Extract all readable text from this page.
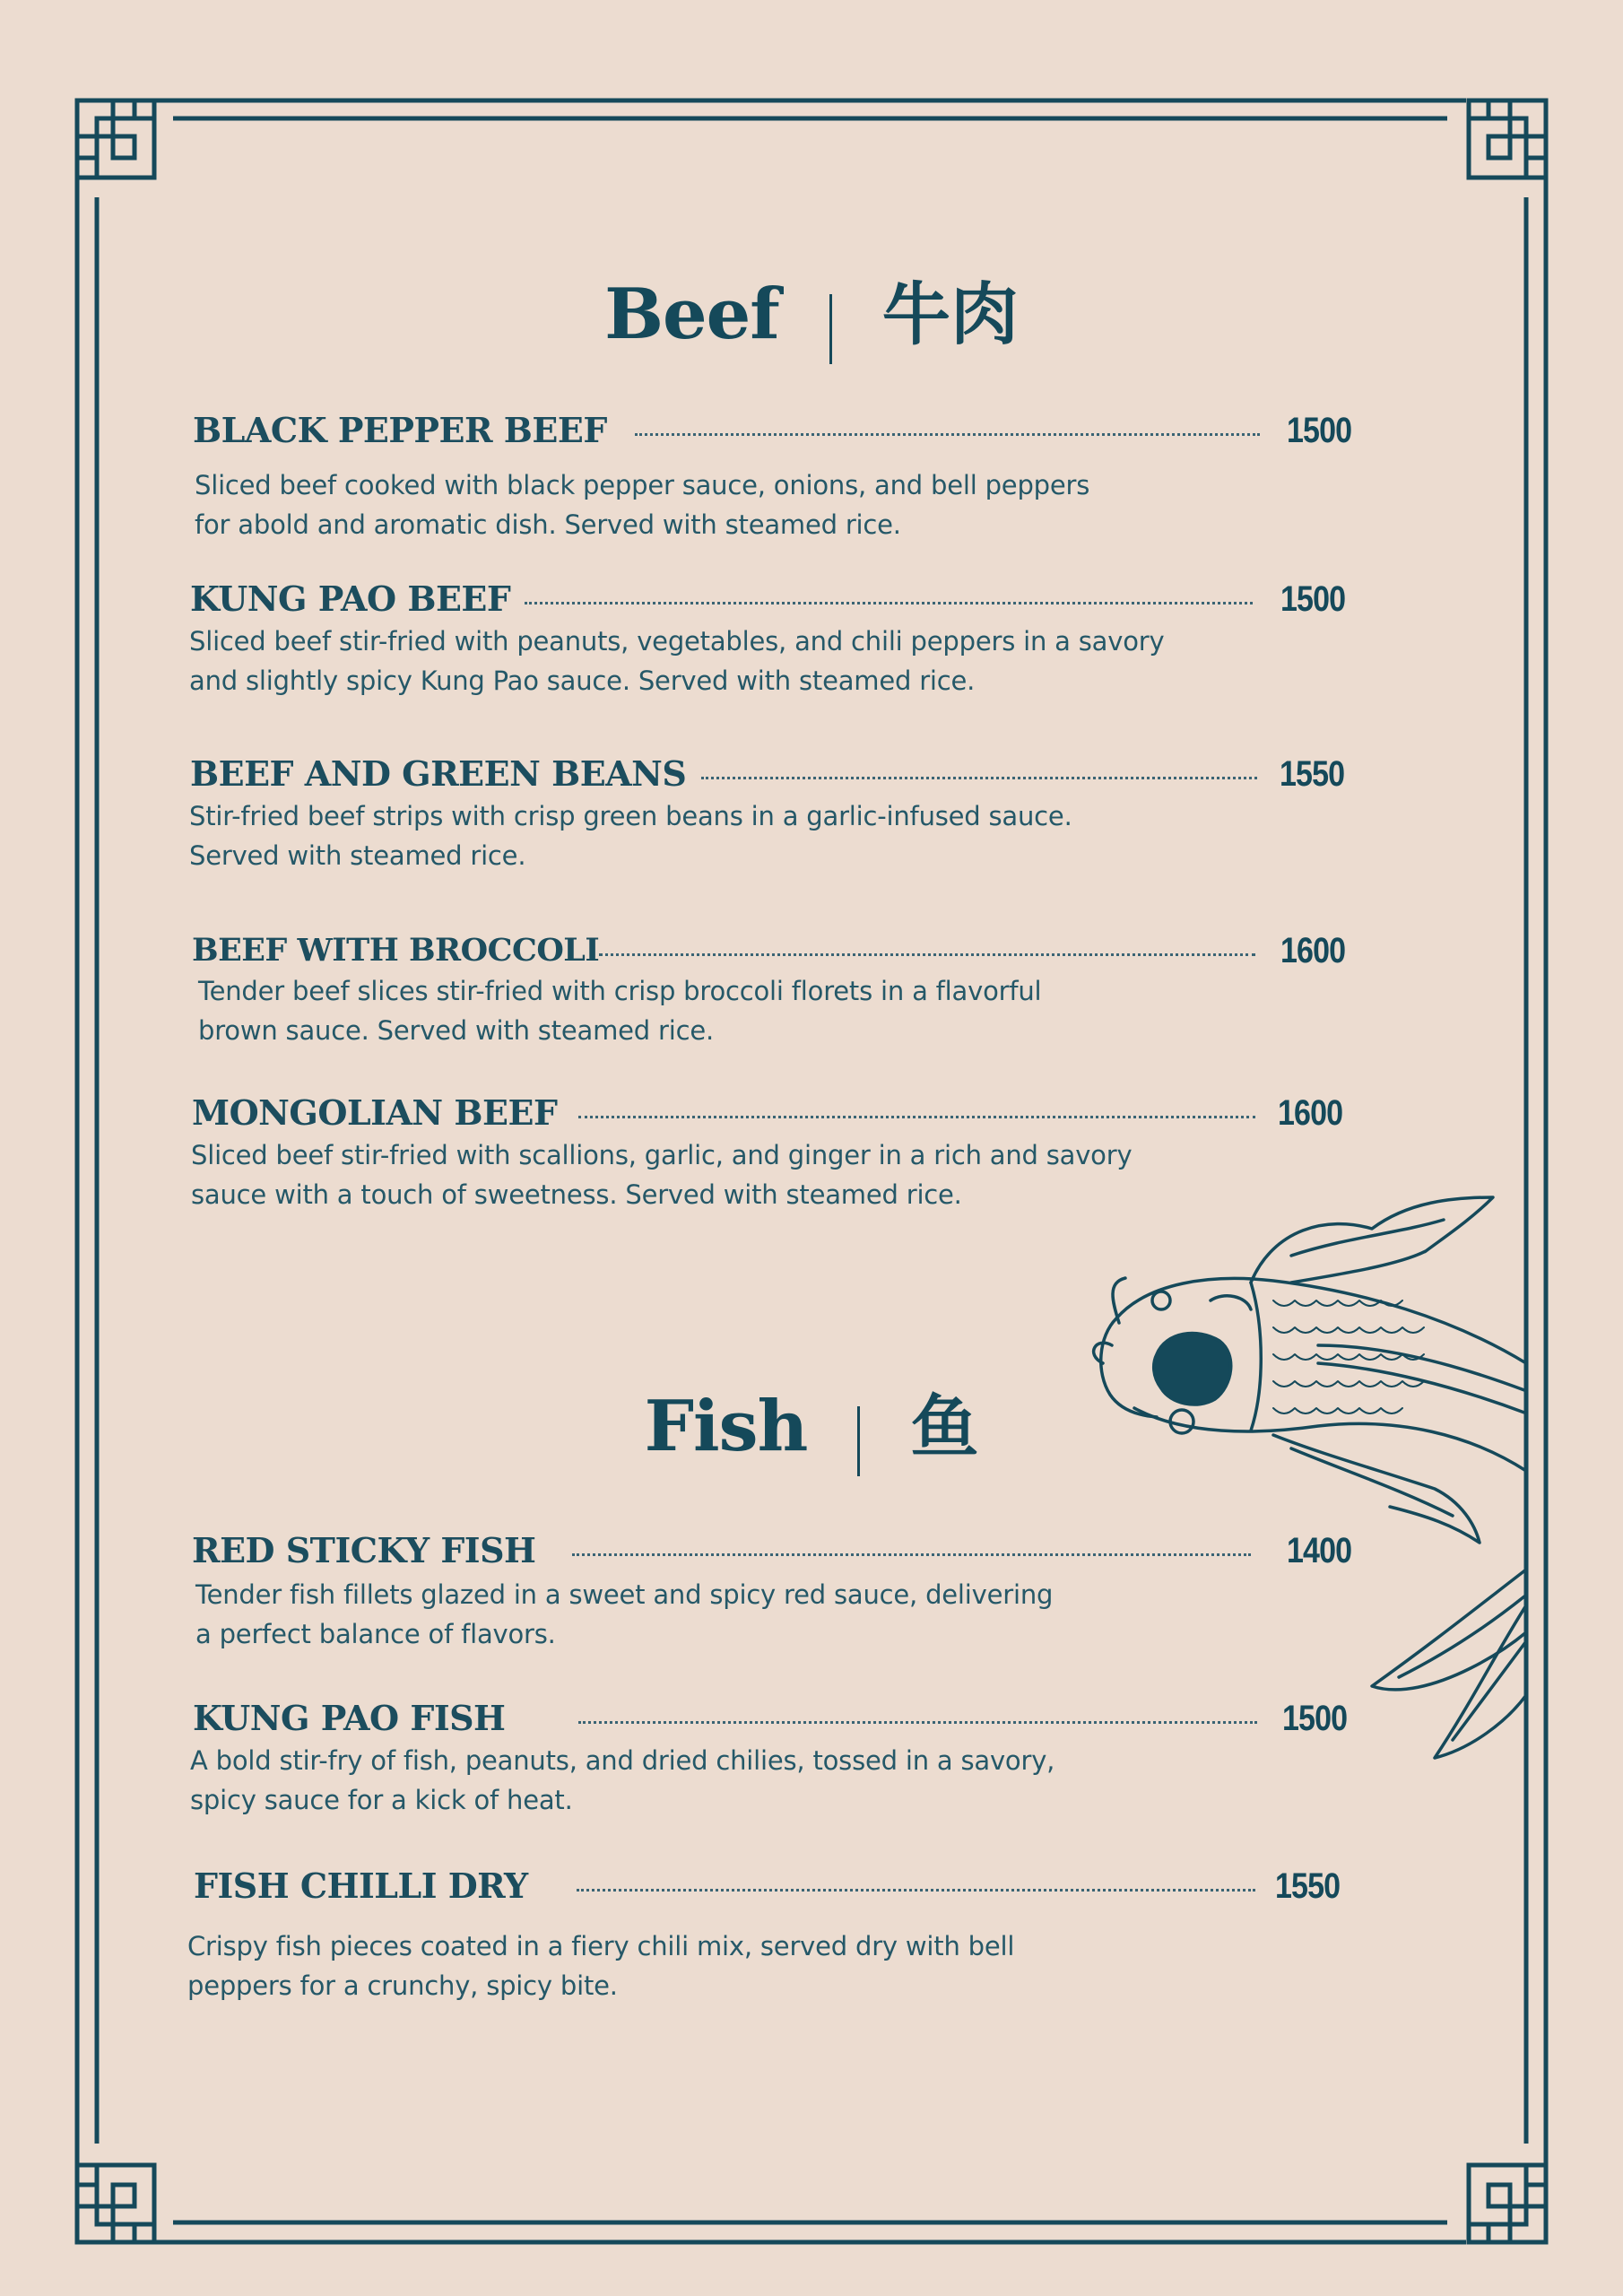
Beef 牛肉
BLACK PEPPER BEEF	1500
Sliced beef cooked with black pepper sauce, onions, and bell peppers
for abold and aromatic dish. Served with steamed rice.
KUNG PAO BEEF	1500
Sliced beef stir-fried with peanuts, vegetables, and chili peppers in a savory
and slightly spicy Kung Pao sauce. Served with steamed rice.
BEEF AND GREEN BEANS	1550
Stir-fried beef strips with crisp green beans in a garlic-infused sauce.
Served with steamed rice.
BEEF WITH BROCCOLI	1600
Tender beef slices stir-fried with crisp broccoli florets in a flavorful
brown sauce. Served with steamed rice.
MONGOLIAN BEEF	1600
Sliced beef stir-fried with scallions, garlic, and ginger in a rich and savory
sauce with a touch of sweetness. Served with steamed rice.
Fish 鱼
RED STICKY FISH	1400
Tender fish fillets glazed in a sweet and spicy red sauce, delivering
a perfect balance of flavors.
KUNG PAO FISH	1500
A bold stir-fry of fish, peanuts, and dried chilies, tossed in a savory,
spicy sauce for a kick of heat.
FISH CHILLI DRY	1550
Crispy fish pieces coated in a fiery chili mix, served dry with bell
peppers for a crunchy, spicy bite.
